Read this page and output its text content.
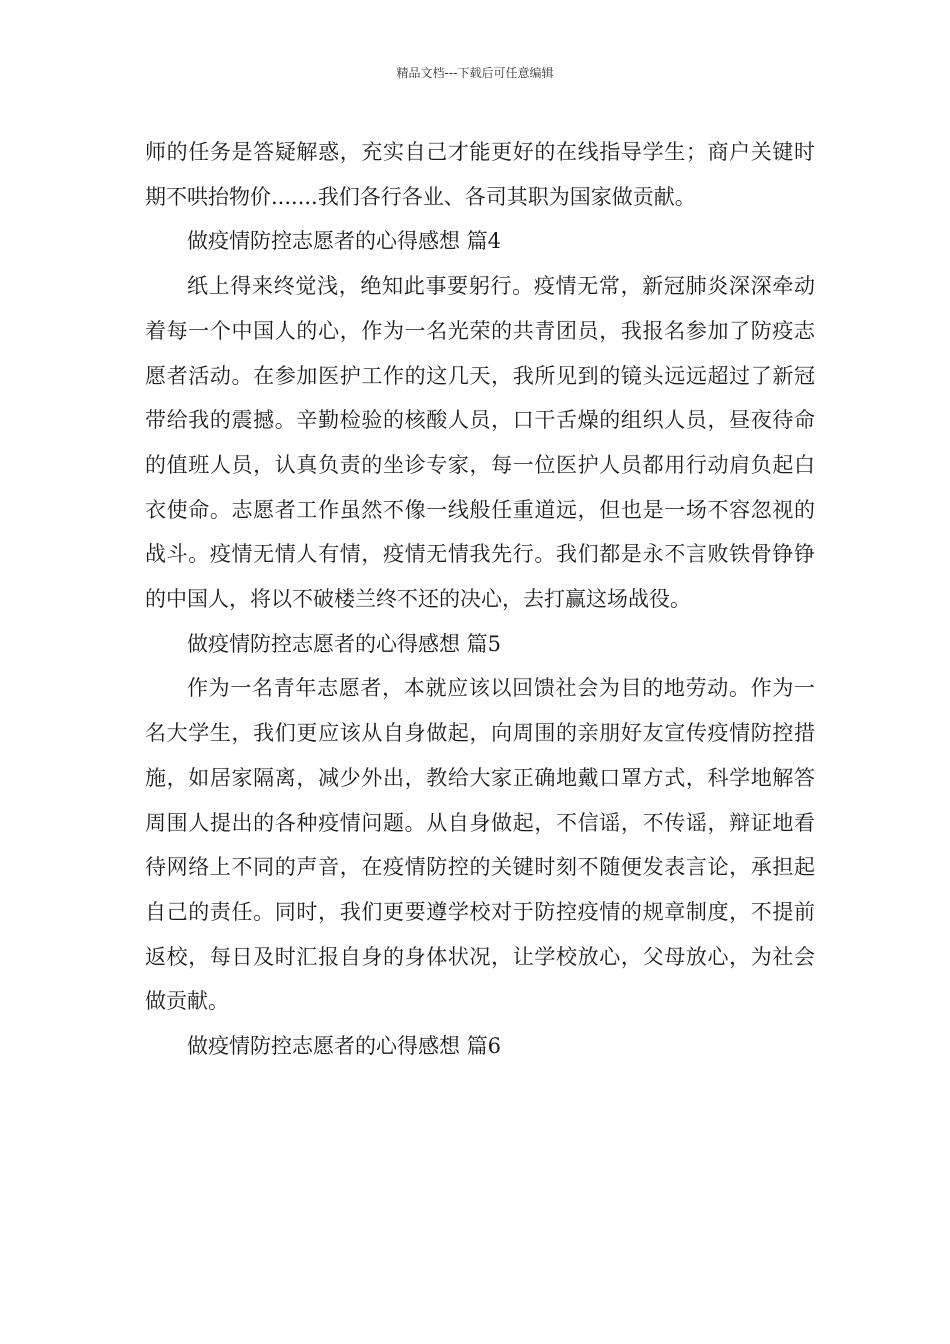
精品文档---下载后可任意编辑

师的任务是答疑解惑，充实自己才能更好的在线指导学生；商户关键时期不哄抬物价.......我们各行各业、各司其职为国家做贡献。

做疫情防控志愿者的心得感想 篇4

纸上得来终觉浅，绝知此事要躬行。疫情无常，新冠肺炎深深牵动着每一个中国人的心，作为一名光荣的共青团员，我报名参加了防疫志愿者活动。在参加医护工作的这几天，我所见到的镜头远远超过了新冠带给我的震撼。辛勤检验的核酸人员，口干舌燥的组织人员，昼夜待命的值班人员，认真负责的坐诊专家，每一位医护人员都用行动肩负起白衣使命。志愿者工作虽然不像一线般任重道远，但也是一场不容忽视的战斗。疫情无情人有情，疫情无情我先行。我们都是永不言败铁骨铮铮的中国人，将以不破楼兰终不还的决心，去打赢这场战役。

做疫情防控志愿者的心得感想 篇5

作为一名青年志愿者，本就应该以回馈社会为目的地劳动。作为一名大学生，我们更应该从自身做起，向周围的亲朋好友宣传疫情防控措施，如居家隔离，减少外出，教给大家正确地戴口罩方式，科学地解答周围人提出的各种疫情问题。从自身做起，不信谣，不传谣，辩证地看待网络上不同的声音，在疫情防控的关键时刻不随便发表言论，承担起自己的责任。同时，我们更要遵学校对于防控疫情的规章制度，不提前返校，每日及时汇报自身的身体状况，让学校放心，父母放心，为社会做贡献。

做疫情防控志愿者的心得感想 篇6
